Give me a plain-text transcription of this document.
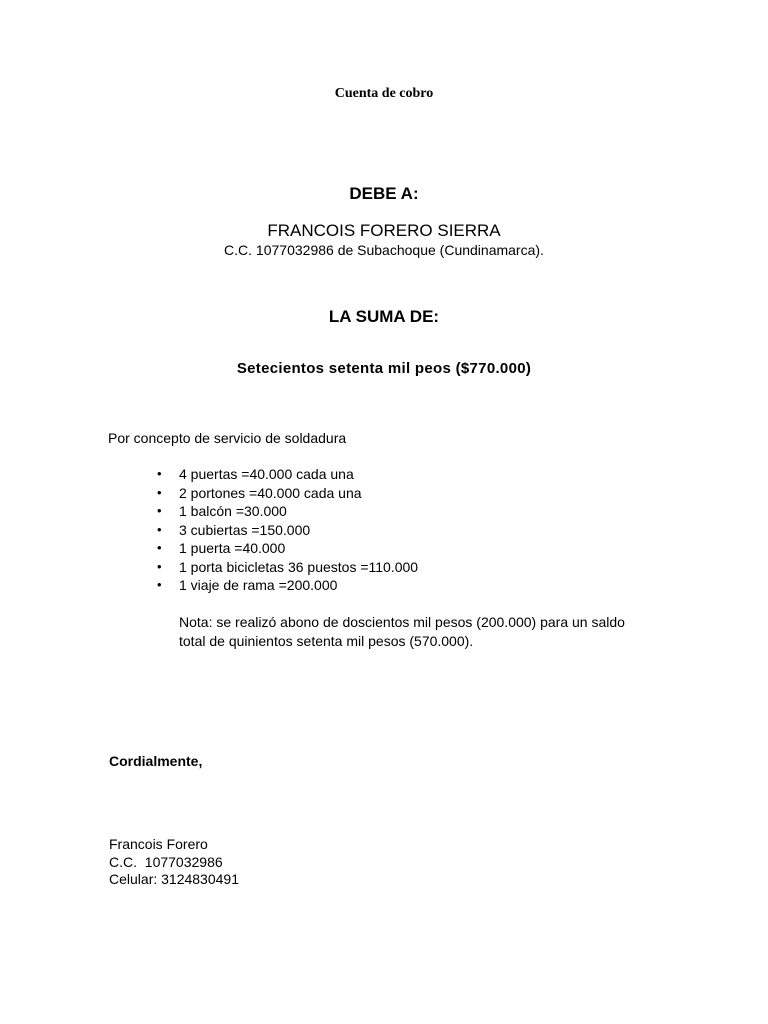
Cuenta de cobro
DEBE A:
FRANCOIS FORERO SIERRA
C.C. 1077032986 de Subachoque (Cundinamarca).
LA SUMA DE:
Setecientos setenta mil peos ($770.000)
Por concepto de servicio de soldadura
• 4 puertas =40.000 cada una
• 2 portones =40.000 cada una
• 1 balcón =30.000
• 3 cubiertas =150.000
• 1 puerta =40.000
• 1 porta bicicletas 36 puestos =110.000
• 1 viaje de rama =200.000
Nota: se realizó abono de doscientos mil pesos (200.000) para un saldo total de quinientos setenta mil pesos (570.000).
Cordialmente,
Francois Forero
C.C.  1077032986
Celular: 3124830491
